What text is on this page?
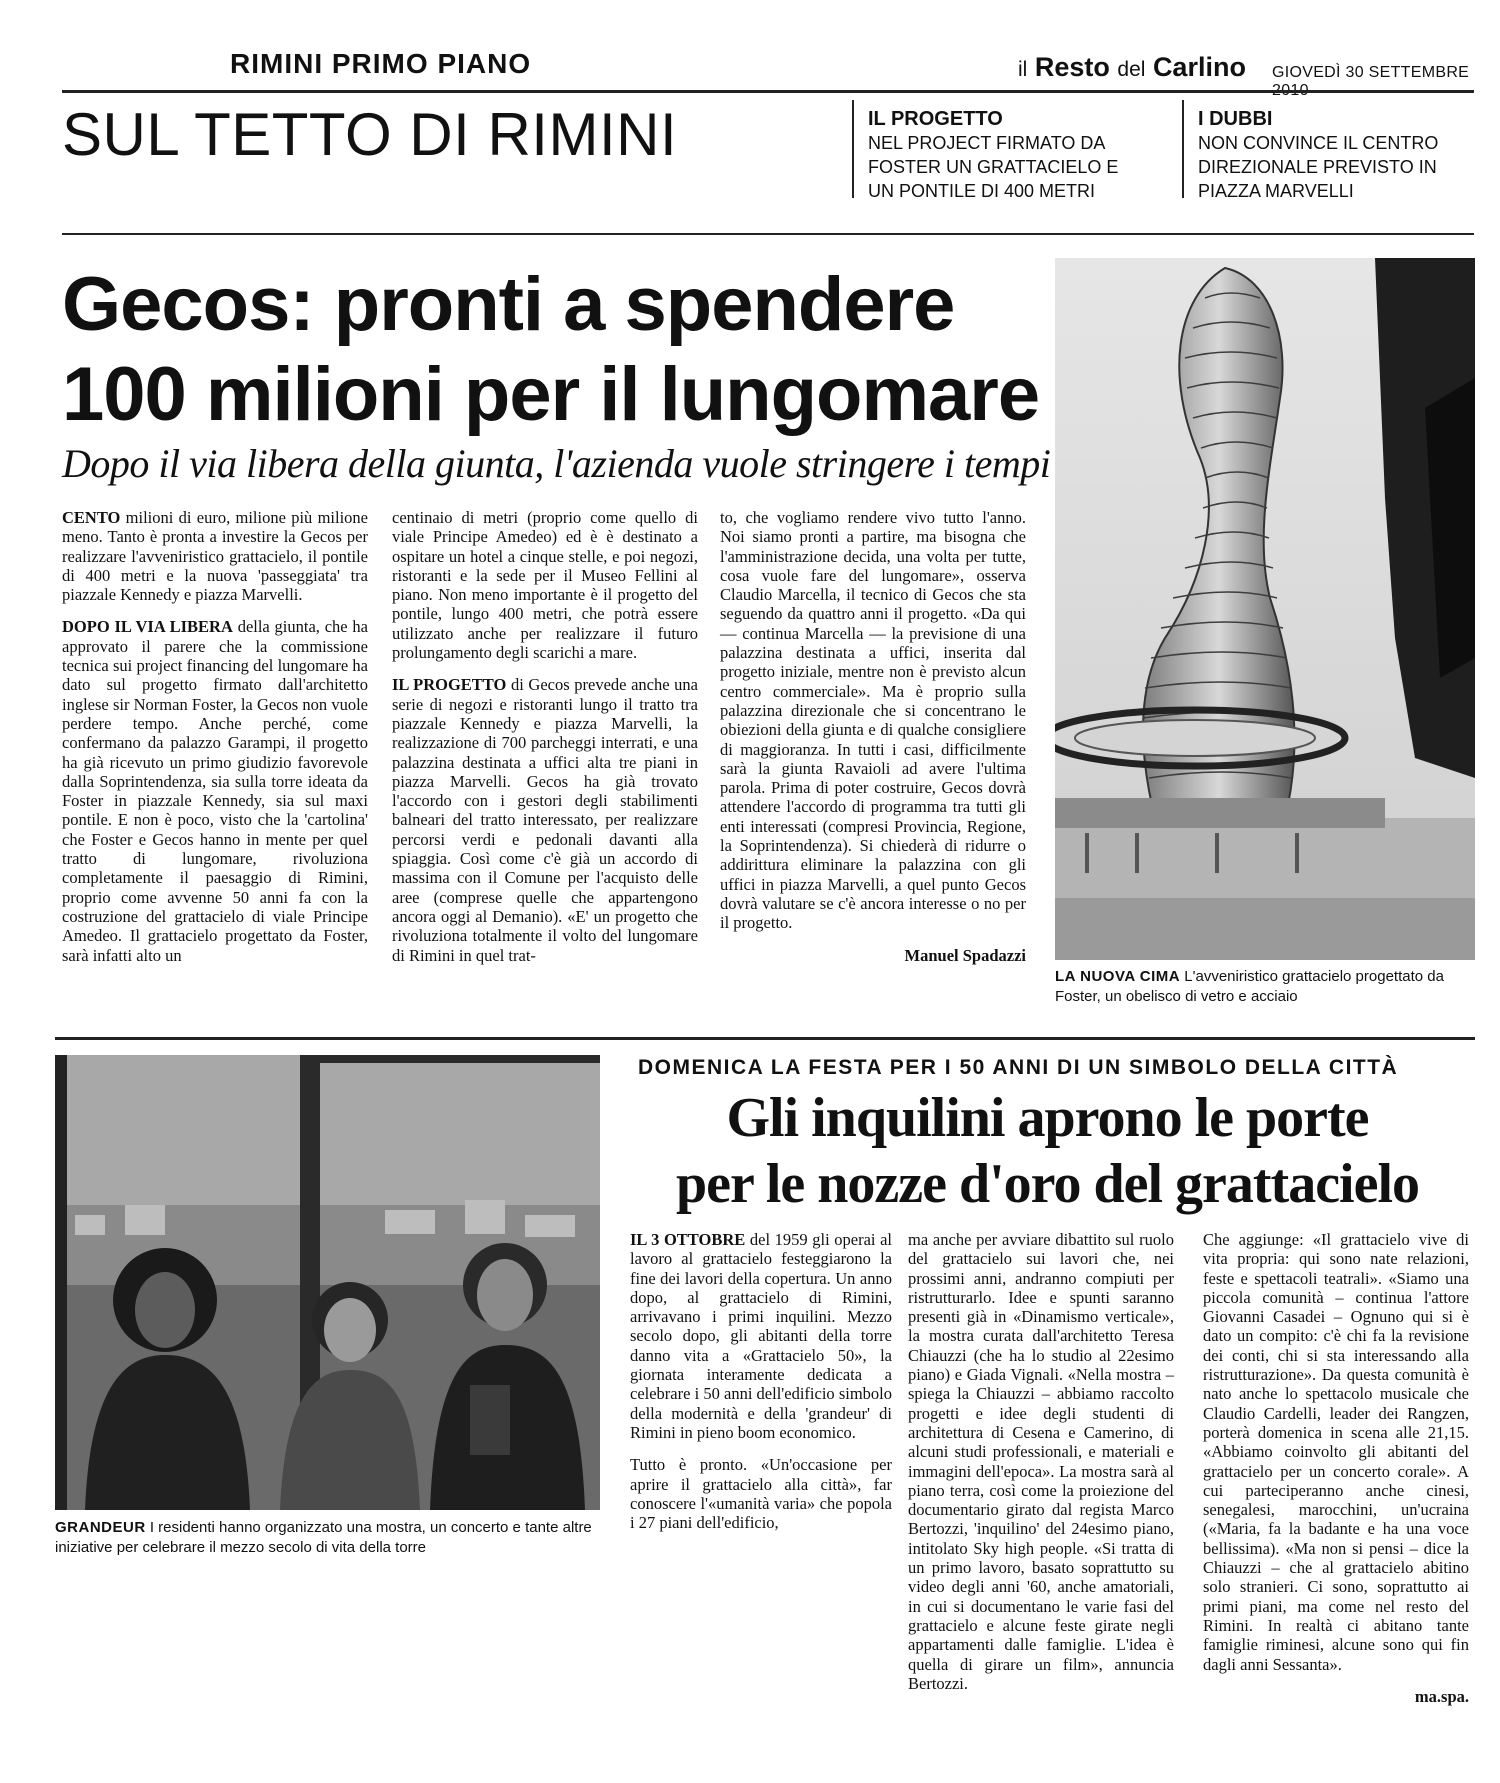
RIMINI PRIMO PIANO	il Resto del Carlino GIOVEDÌ 30 SETTEMBRE
SUL TETTO DI RIMINI	IL PROGETTO
NEL PROJECT FIRMATO DA FOSTER UN GRATTACIELO E UN PONTILE DI 400 METRI
I DUBBI
NON CONVINCE IL CENTRO DIREZIONALE PREVISTO IN PIAZZA MARVELLI
Gecos: pronti a spendere
100 milioni per il lungomare
Dopo il via libera della giunta, l'azienda vuole stringere i tempi

CENTO milioni di euro, milione più milione meno. Tanto è pronta a investire la Gecos per realizzare l'avveniristico grattacielo, il pontile di 400 metri e la nuova 'passeggiata' tra piazzale Kennedy e piazza Marvelli.

DOPO IL VIA LIBERA della giunta, che ha approvato il parere che la commissione tecnica sui project financing del lungomare ha dato sul progetto firmato dall'architetto inglese sir Norman Foster, la Gecos non vuole perdere tempo. Anche perché, come confermano da palazzo Garampi, il progetto ha già ricevuto un primo giudizio favorevole dalla Soprintendenza, sia sulla torre ideata da Foster in piazzale Kennedy, sia sul maxi pontile. E non è poco, visto che la 'cartolina' che Foster e Gecos hanno in mente per quel tratto di lungomare, rivoluziona completamente il paesaggio di Rimini, proprio come avvenne 50 anni fa con la costruzione del grattacielo di viale Principe Amedeo. Il grattacielo progettato da Foster, sarà infatti alto un

centinaio di metri (proprio come quello di viale Principe Amedeo) ed è è destinato a ospitare un hotel a cinque stelle, e poi negozi, ristoranti e la sede per il Museo Fellini al piano. Non meno importante è il progetto del pontile, lungo 400 metri, che potrà essere utilizzato anche per realizzare il futuro prolungamento degli scarichi a mare.

IL PROGETTO di Gecos prevede anche una serie di negozi e ristoranti lungo il tratto tra piazzale Kennedy e piazza Marvelli, la realizzazione di 700 parcheggi interrati, e una palazzina destinata a uffici alta tre piani in piazza Marvelli. Gecos ha già trovato l'accordo con i gestori degli stabilimenti balneari del tratto interessato, per realizzare percorsi verdi e pedonali davanti alla spiaggia. Così come c'è già un accordo di massima con il Comune per l'acquisto delle aree (comprese quelle che appartengono ancora oggi al Demanio). «E' un progetto che rivoluziona totalmente il volto del lungomare di Rimini in quel trat-

to, che vogliamo rendere vivo tutto l'anno. Noi siamo pronti a partire, ma bisogna che l'amministrazione decida, una volta per tutte, cosa vuole fare del lungomare», osserva Claudio Marcella, il tecnico di Gecos che sta seguendo da quattro anni il progetto. «Da qui — continua Marcella — la previsione di una palazzina destinata a uffici, inserita dal progetto iniziale, mentre non è previsto alcun centro commerciale». Ma è proprio sulla palazzina direzionale che si concentrano le obiezioni della giunta e di qualche consigliere di maggioranza. In tutti i casi, difficilmente sarà la giunta Ravaioli ad avere l'ultima parola. Prima di poter costruire, Gecos dovrà attendere l'accordo di programma tra tutti gli enti interessati (compresi Provincia, Regione, la Soprintendenza). Si chiederà di ridurre o addirittura eliminare la palazzina con gli uffici in piazza Marvelli, a quel punto Gecos dovrà valutare se c'è ancora interesse o no per il progetto.

Manuel Spadazzi
LA NUOVA CIMA L'avveniristico grattacielo progettato da Foster, un obelisco di vetro e acciaio
DOMENICA LA FESTA PER I 50 ANNI DI UN SIMBOLO DELLA CITTÀ
Gli inquilini aprono le porte
per le nozze d'oro del grattacielo
GRANDEUR I residenti hanno organizzato una mostra, un concerto e tante altre iniziative per celebrare il mezzo secolo di vita della torre

IL 3 OTTOBRE del 1959 gli operai al lavoro al grattacielo festeggiarono la fine dei lavori della copertura. Un anno dopo, al grattacielo di Rimini, arrivavano i primi inquilini. Mezzo secolo dopo, gli abitanti della torre danno vita a «Grattacielo 50», la giornata interamente dedicata a celebrare i 50 anni dell'edificio simbolo della modernità e della 'grandeur' di Rimini in pieno boom economico.

Tutto è pronto. «Un'occasione per aprire il grattacielo alla città», far conoscere l'«umanità varia» che popola i 27 piani dell'edificio,

ma anche per avviare dibattito sul ruolo del grattacielo sui lavori che, nei prossimi anni, andranno compiuti per ristrutturarlo. Idee e spunti saranno presenti già in «Dinamismo verticale», la mostra curata dall'architetto Teresa Chiauzzi (che ha lo studio al 22esimo piano) e Giada Vignali. «Nella mostra – spiega la Chiauzzi – abbiamo raccolto progetti e idee degli studenti di architettura di Cesena e Camerino, di alcuni studi professionali, e materiali e immagini dell'epoca». La mostra sarà al piano terra, così come la proiezione del documentario girato dal regista Marco Bertozzi, 'inquilino' del 24esimo piano, intitolato Sky high people. «Si tratta di un primo lavoro, basato soprattutto su video degli anni '60, anche amatoriali, in cui si documentano le varie fasi del grattacielo e alcune feste girate negli appartamenti dalle famiglie. L'idea è quella di girare un film», annuncia Bertozzi.

Che aggiunge: «Il grattacielo vive di vita propria: qui sono nate relazioni, feste e spettacoli teatrali». «Siamo una piccola comunità – continua l'attore Giovanni Casadei – Ognuno qui si è dato un compito: c'è chi fa la revisione dei conti, chi si sta interessando alla ristrutturazione». Da questa comunità è nato anche lo spettacolo musicale che Claudio Cardelli, leader dei Rangzen, porterà domenica in scena alle 21,15. «Abbiamo coinvolto gli abitanti del grattacielo per un concerto corale». A cui parteciperanno anche cinesi, senegalesi, marocchini, un'ucraina («Maria, fa la badante e ha una voce bellissima). «Ma non si pensi – dice la Chiauzzi – che al grattacielo abitino solo stranieri. Ci sono, soprattutto ai primi piani, ma come nel resto del Rimini. In realtà ci abitano tante famiglie riminesi, alcune sono qui fin dagli anni Sessanta».

ma.spa.
